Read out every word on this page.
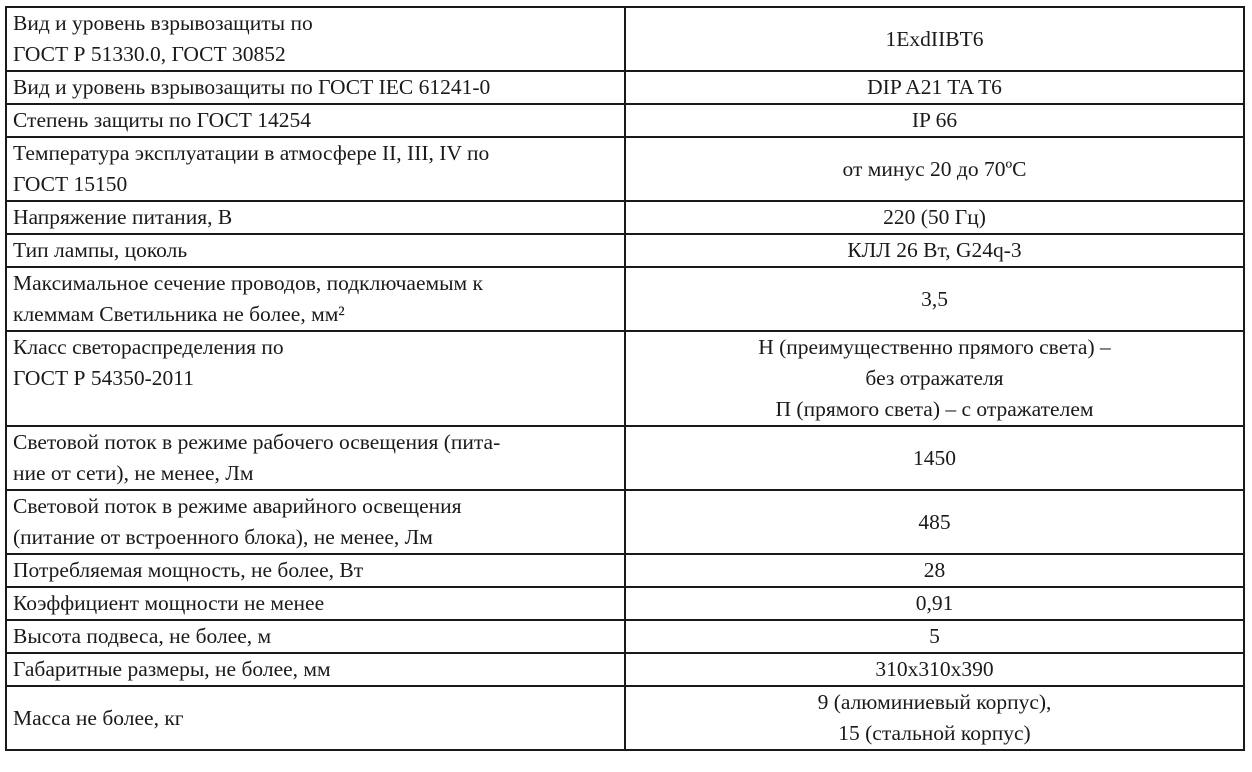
Вид и уровень взрывозащиты по
ГОСТ Р 51330.0, ГОСТ 30852	1ExdIIBT6

Вид и уровень взрывозащиты по ГОСТ IEC 61241-0	DIP A21 TA T6

Степень защиты по ГОСТ 14254	IP 66

Температура эксплуатации в атмосфере II, III, IV по
ГОСТ 15150	от минус 20 до 70ºС

Напряжение питания, В	220 (50 Гц)

Тип лампы, цоколь	КЛЛ 26 Вт, G24q-3

Максимальное сечение проводов, подключаемым к
клеммам Светильника не более, мм²	3,5

Класс светораспределения по
ГОСТ Р 54350-2011	Н (преимущественно прямого света) –
без отражателя
П (прямого света) – с отражателем

Световой поток в режиме рабочего освещения (пита-
ние от сети), не менее, Лм	1450

Световой поток в режиме аварийного освещения
(питание от встроенного блока), не менее, Лм	485

Потребляемая мощность, не более, Вт	28

Коэффициент мощности не менее	0,91

Высота подвеса, не более, м	5

Габаритные размеры, не более, мм	310х310х390

Масса не более, кг	9 (алюминиевый корпус),
15 (стальной корпус)
